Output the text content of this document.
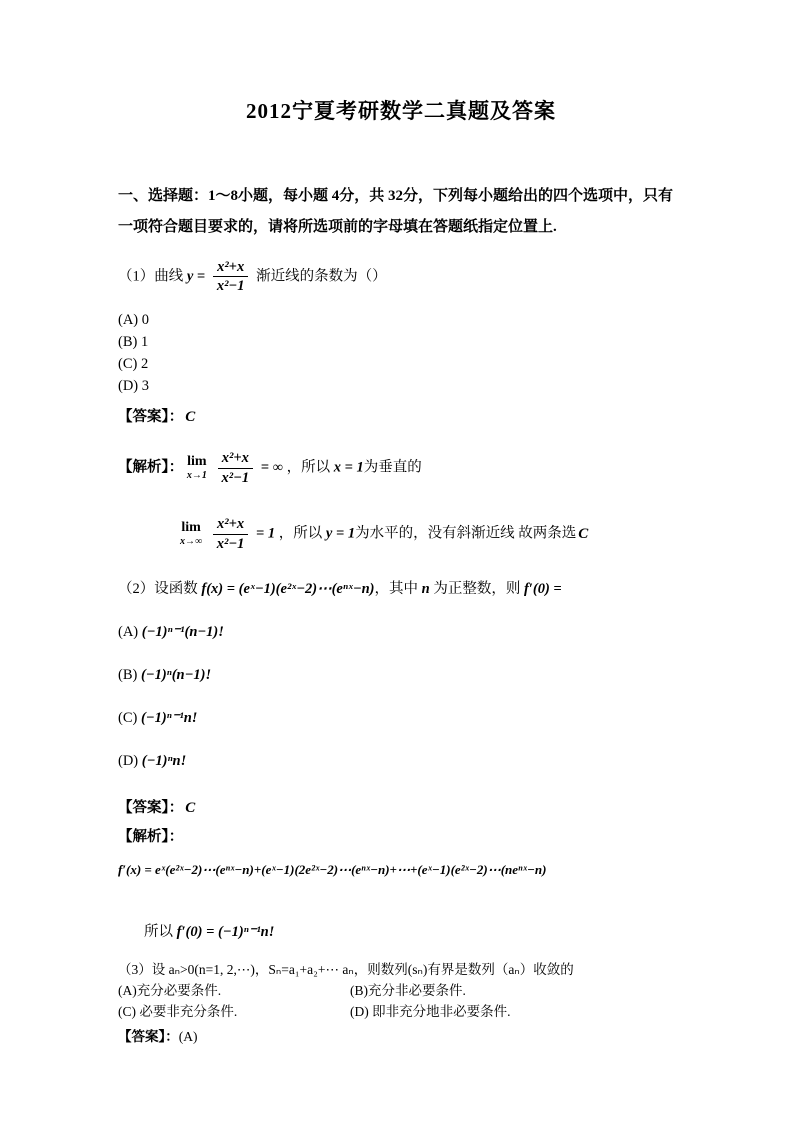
2012宁夏考研数学二真题及答案

一、选择题：1～8小题，每小题 4分，共 32分，下列每小题给出的四个选项中，只有一项符合题目要求的，请将所选项前的字母填在答题纸指定位置上.

（1）曲线 $y = \frac{\text{x²+x}}{\text{x²−1}}$ 渐近线的条数为（）
(A) 0
(B) 1
(C) 2
(D) 3
【答案】： C
【解析】： lim
x→1
$\frac{\text{x²+x}}{\text{x²−1}}$ = ∞ ，所以 x = 1为垂直的
lim
x→∞
$\frac{\text{x²+x}}{\text{x²−1}} = 1$ ，所以 y = 1为水平的，没有斜渐近线 故两条选 C
（2）设函数 f(x) = (eˣ−1)(e²ˣ−2)⋯(eⁿˣ−n)，其中 n 为正整数，则 f′(0) =
(A) (−1)ⁿ⁻¹(n−1)!
(B) (−1)ⁿ(n−1)!
(C) (−1)ⁿ⁻¹n!
(D) (−1)ⁿn!
【答案】： C
【解析】：
f′(x) = eˣ(e²ˣ−2)⋯(eⁿˣ−n)+(eˣ−1)(2e²ˣ−2)⋯(eⁿˣ−n)+⋯+(eˣ−1)(e²ˣ−2)⋯(neⁿˣ−n)
所以 f′(0) = (−1)ⁿ⁻¹n!
（3）设 aₙ>0(n=1, 2,⋯)，Sₙ=a₁+a₂+⋯ aₙ，则数列(sₙ)有界是数列（aₙ）收敛的
(A)充分必要条件.	(B)充分非必要条件.
(C) 必要非充分条件.	(D) 即非充分地非必要条件.
【答案】：(A)
